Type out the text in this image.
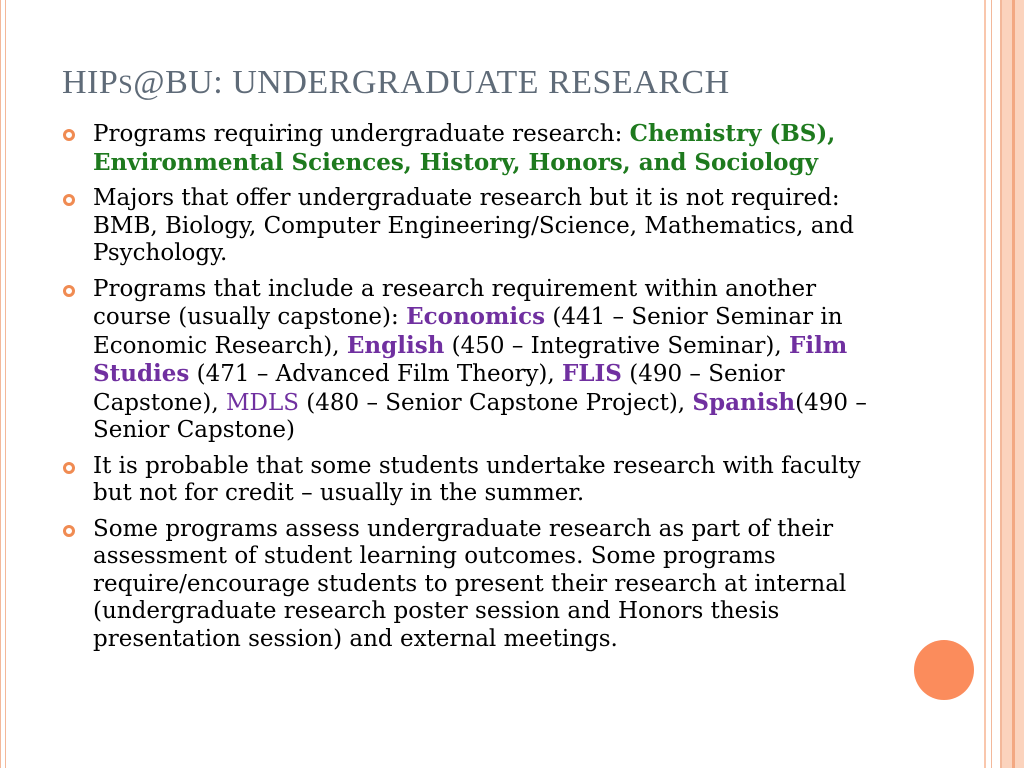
HIPS@BU: UNDERGRADUATE RESEARCH
Programs requiring undergraduate research: Chemistry (BS), Environmental Sciences, History, Honors, and Sociology
Majors that offer undergraduate research but it is not required: BMB, Biology, Computer Engineering/Science, Mathematics, and Psychology.
Programs that include a research requirement within another course (usually capstone): Economics (441 – Senior Seminar in Economic Research), English (450 – Integrative Seminar), Film Studies (471 – Advanced Film Theory), FLIS (490 – Senior Capstone), MDLS (480 – Senior Capstone Project), Spanish(490 – Senior Capstone)
It is probable that some students undertake research with faculty but not for credit – usually in the summer.
Some programs assess undergraduate research as part of their assessment of student learning outcomes. Some programs require/encourage students to present their research at internal (undergraduate research poster session and Honors thesis presentation session) and external meetings.
